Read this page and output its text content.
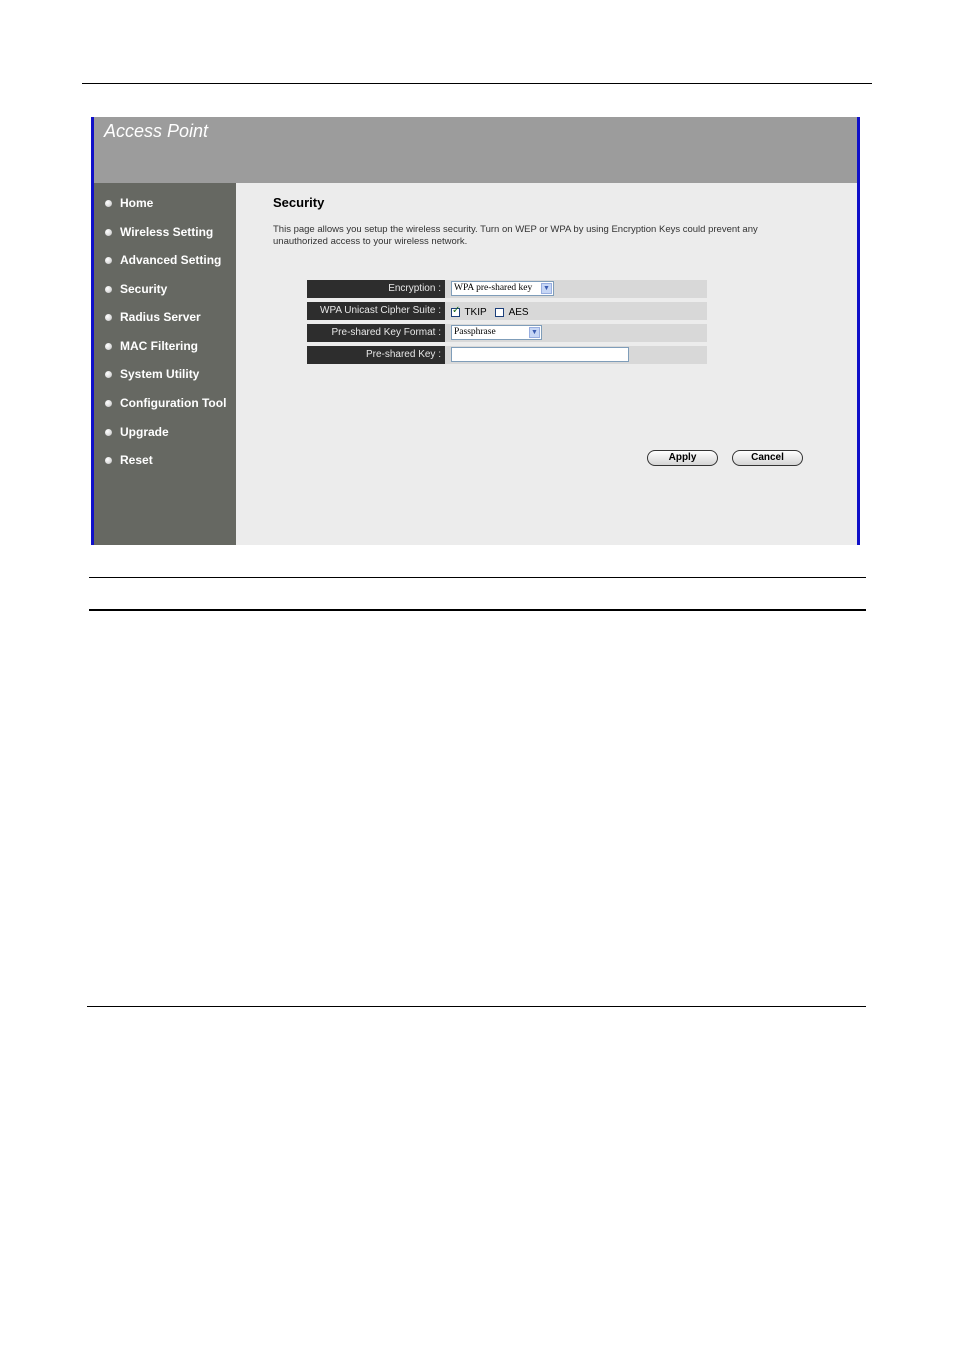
Access Point
Home
Wireless Setting
Advanced Setting
Security
Radius Server
MAC Filtering
System Utility
Configuration Tool
Upgrade
Reset
Security
This page allows you setup the wireless security. Turn on WEP or WPA by using Encryption Keys could prevent any unauthorized access to your wireless network.
Encryption :	WPA pre-shared key ▼
WPA Unicast Cipher Suite :	✓ TKIP AES
Pre-shared Key Format :	Passphrase	▼
Pre-shared Key :
Apply	Cancel
